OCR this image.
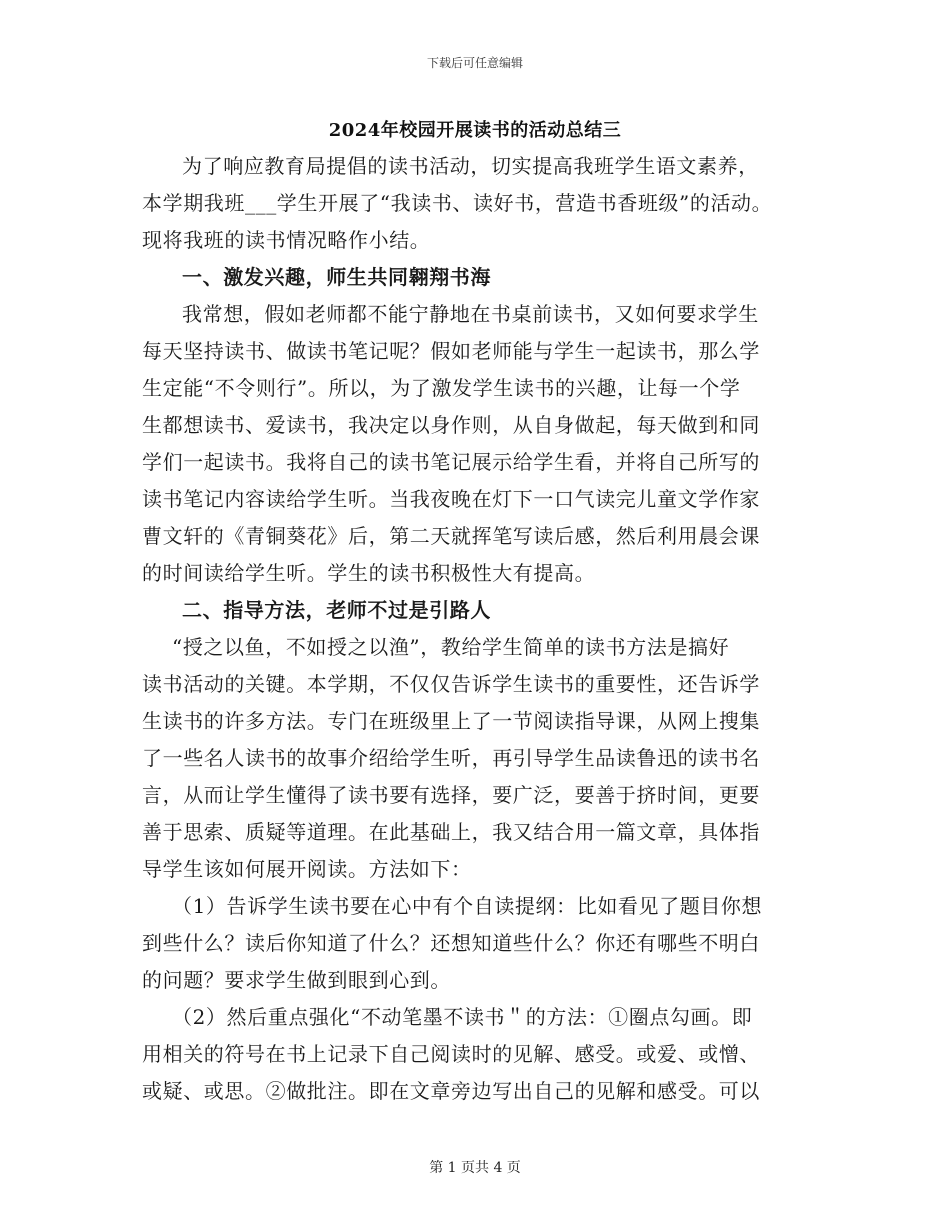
下载后可任意编辑
2024年校园开展读书的活动总结三
为了响应教育局提倡的读书活动，切实提高我班学生语文素养，
本学期我班___学生开展了“我读书、读好书，营造书香班级”的活动。
现将我班的读书情况略作小结。
一、激发兴趣，师生共同翱翔书海
我常想，假如老师都不能宁静地在书桌前读书，又如何要求学生
每天坚持读书、做读书笔记呢？假如老师能与学生一起读书，那么学
生定能“不令则行”。所以，为了激发学生读书的兴趣，让每一个学
生都想读书、爱读书，我决定以身作则，从自身做起，每天做到和同
学们一起读书。我将自己的读书笔记展示给学生看，并将自己所写的
读书笔记内容读给学生听。当我夜晚在灯下一口气读完儿童文学作家
曹文轩的《青铜葵花》后，第二天就挥笔写读后感，然后利用晨会课
的时间读给学生听。学生的读书积极性大有提高。
二、指导方法，老师不过是引路人
“授之以鱼，不如授之以渔”，教给学生简单的读书方法是搞好
读书活动的关键。本学期，不仅仅告诉学生读书的重要性，还告诉学
生读书的许多方法。专门在班级里上了一节阅读指导课，从网上搜集
了一些名人读书的故事介绍给学生听，再引导学生品读鲁迅的读书名
言，从而让学生懂得了读书要有选择，要广泛，要善于挤时间，更要
善于思索、质疑等道理。在此基础上，我又结合用一篇文章，具体指
导学生该如何展开阅读。方法如下：
（1）告诉学生读书要在心中有个自读提纲：比如看见了题目你想
到些什么？读后你知道了什么？还想知道些什么？你还有哪些不明白
的问题？要求学生做到眼到心到。
（2）然后重点强化“不动笔墨不读书＂的方法：①圈点勾画。即
用相关的符号在书上记录下自己阅读时的见解、感受。或爱、或憎、
或疑、或思。②做批注。即在文章旁边写出自己的见解和感受。可以
第 1 页共 4 页
